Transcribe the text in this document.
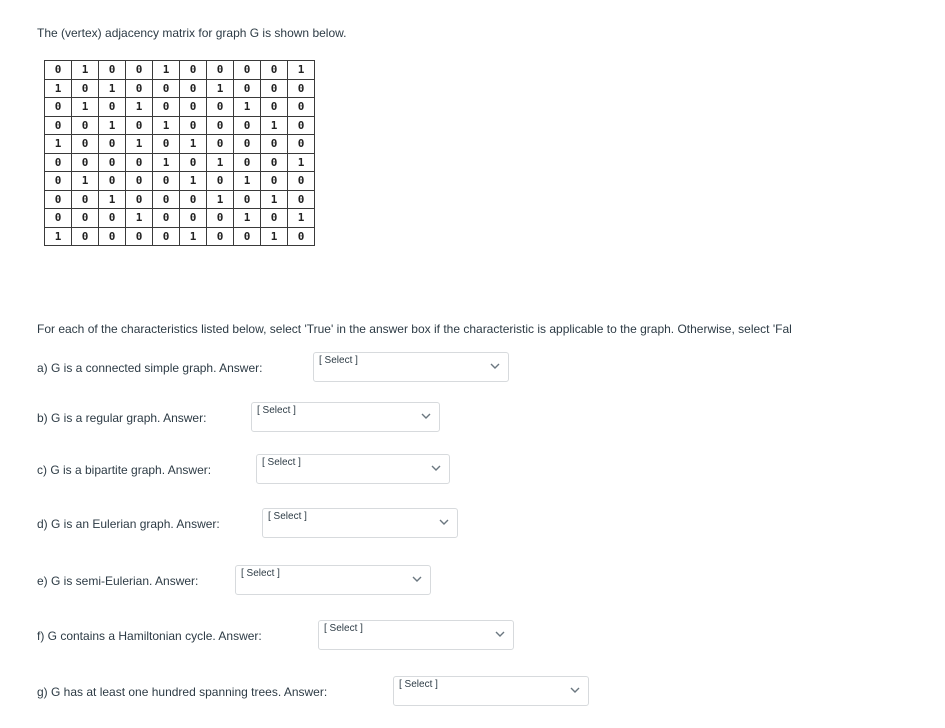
The (vertex) adjacency matrix for graph G is shown below.
0	1	0	0	1	0	0	0	0	1
1	0	1	0	0	0	1	0	0	0
0	1	0	1	0	0	0	1	0	0
0	0	1	0	1	0	0	0	1	0
1	0	0	1	0	1	0	0	0	0
0	0	0	0	1	0	1	0	0	1
0	1	0	0	0	1	0	1	0	0
0	0	1	0	0	0	1	0	1	0
0	0	0	1	0	0	0	1	0	1
1	0	0	0	0	1	0	0	1	0
For each of the characteristics listed below, select 'True' in the answer box if the characteristic is applicable to the graph. Otherwise, select 'Fal
a) G is a connected simple graph. Answer:
[ Select ]
b) G is a regular graph. Answer:
[ Select ]
c) G is a bipartite graph. Answer:
[ Select ]
d) G is an Eulerian graph. Answer:
[ Select ]
e) G is semi-Eulerian. Answer:
[ Select ]
f) G contains a Hamiltonian cycle. Answer:
[ Select ]
g) G has at least one hundred spanning trees. Answer:
[ Select ]
